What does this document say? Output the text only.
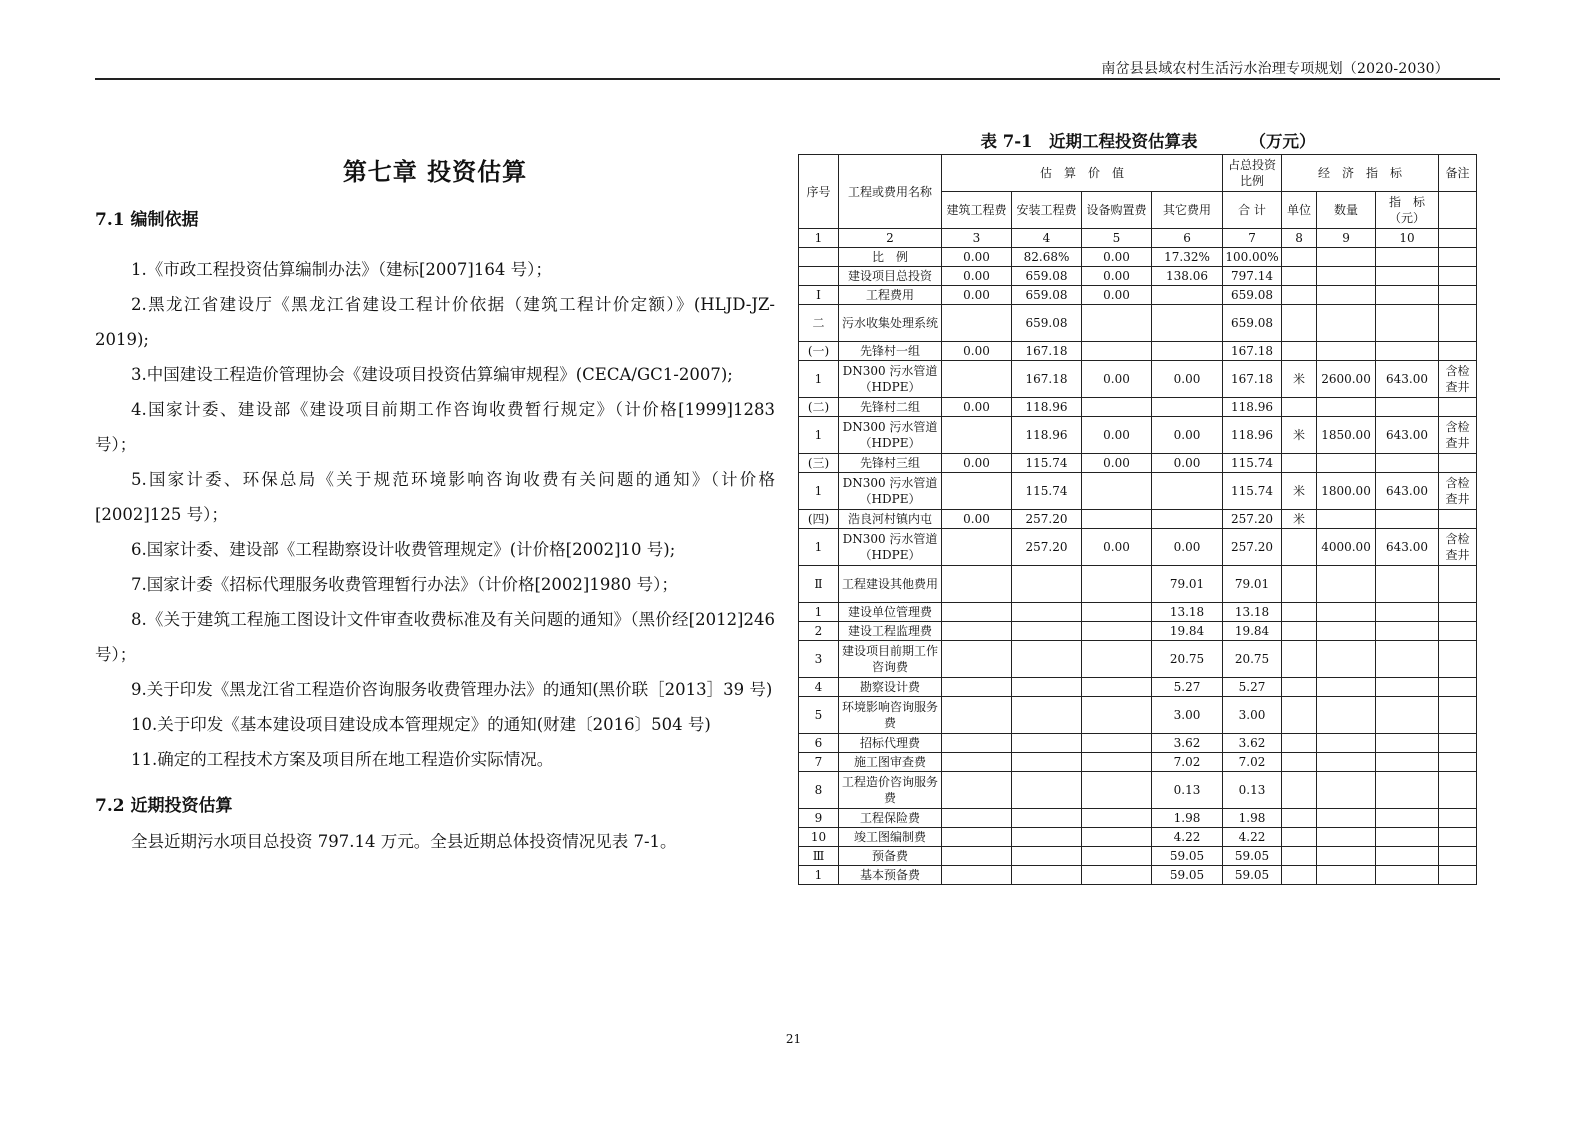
南岔县县域农村生活污水治理专项规划（2020-2030）
第七章 投资估算
7.1 编制依据

1.《市政工程投资估算编制办法》（建标[2007]164 号）；

2.黑龙江省建设厅《黑龙江省建设工程计价依据（建筑工程计价定额）》(HLJD-JZ-2019);

3.中国建设工程造价管理协会《建设项目投资估算编审规程》(CECA/GC1-2007);

4.国家计委、建设部《建设项目前期工作咨询收费暂行规定》（计价格[1999]1283 号）；

5.国家计委、环保总局《关于规范环境影响咨询收费有关问题的通知》（计价格[2002]125 号）；

6.国家计委、建设部《工程勘察设计收费管理规定》(计价格[2002]10 号);

7.国家计委《招标代理服务收费管理暂行办法》（计价格[2002]1980 号）；

8.《关于建筑工程施工图设计文件审查收费标准及有关问题的通知》（黑价经[2012]246 号）；

9.关于印发《黑龙江省工程造价咨询服务收费管理办法》的通知(黑价联［2013］39 号)

10.关于印发《基本建设项目建设成本管理规定》的通知(财建〔2016〕504 号)

11.确定的工程技术方案及项目所在地工程造价实际情况。

7.2 近期投资估算

全县近期污水项目总投资 797.14 万元。全县近期总体投资情况见表 7-1。

表 7-1　近期工程投资估算表	（万元）
序号	工程或费用名称	估　算　价　值				占总投资比例	经　济　指　标			备注
		建筑工程费	安装工程费	设备购置费	其它费用	合 计	单位	数量	指　标（元）	
1	2	3	4	5	6	7	8	9	10	
	比　例	0.00	82.68%	0.00	17.32%	100.00%				
	建设项目总投资	0.00	659.08	0.00	138.06	797.14				
Ⅰ	工程费用	0.00	659.08	0.00		659.08				
二	污水收集处理系统		659.08			659.08				
(一)	先锋村一组	0.00	167.18			167.18				
1	DN300 污水管道（HDPE）		167.18	0.00	0.00	167.18	米	2600.00	643.00	含检查井
(二)	先锋村二组	0.00	118.96			118.96				
1	DN300 污水管道（HDPE）		118.96	0.00	0.00	118.96	米	1850.00	643.00	含检查井
(三)	先锋村三组	0.00	115.74	0.00	0.00	115.74				
1	DN300 污水管道（HDPE）		115.74			115.74	米	1800.00	643.00	含检查井
(四)	浩良河村镇内屯	0.00	257.20			257.20	米			
1	DN300 污水管道（HDPE）		257.20	0.00	0.00	257.20		4000.00	643.00	含检查井
Ⅱ	工程建设其他费用				79.01	79.01				
1	建设单位管理费				13.18	13.18				
2	建设工程监理费				19.84	19.84				
3	建设项目前期工作咨询费				20.75	20.75				
4	勘察设计费				5.27	5.27				
5	环境影响咨询服务费				3.00	3.00				
6	招标代理费				3.62	3.62				
7	施工图审查费				7.02	7.02				
8	工程造价咨询服务费				0.13	0.13				
9	工程保险费				1.98	1.98				
10	竣工图编制费				4.22	4.22				
Ⅲ	预备费				59.05	59.05				
1	基本预备费				59.05	59.05				
21
